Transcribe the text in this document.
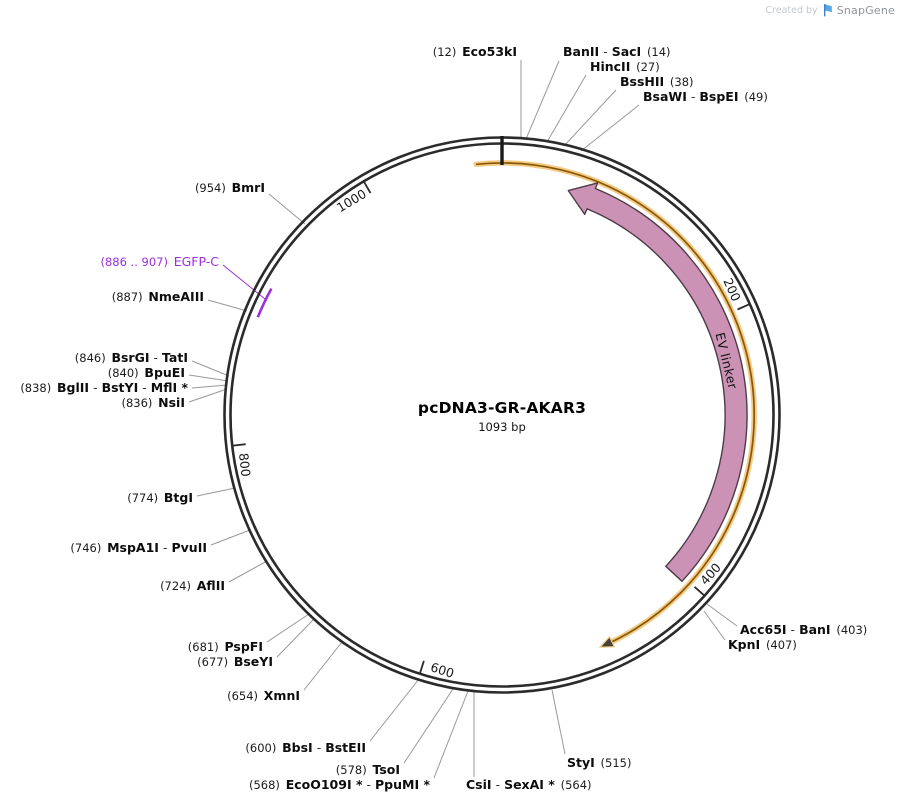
Created by SnapGene
200
400
600
800
1000
EV linker
pcDNA3-GR-AKAR3
1093 bp
(12) Eco53kI	BanII - SacI (14)
HincII (27)
BssHII (38)
BsaWI - BspEI (49)
(954) BmrI
(886 .. 907) EGFP-C
(887) NmeAIII
(846) BsrGI - TatI
(840) BpuEI
(838) BglII - BstYI - MflI *
(836) NsiI
(774) BtgI
(746) MspA1I - PvuII
(724) AflII
(681) PspFI
(677) BseYI
(654) XmnI
(600) BbsI - BstEII
(578) TsoI
(568) EcoO109I * - PpuMI *	CsiI - SexAI * (564)
StyI (515)
Acc65I - BanI (403)
KpnI (407)
